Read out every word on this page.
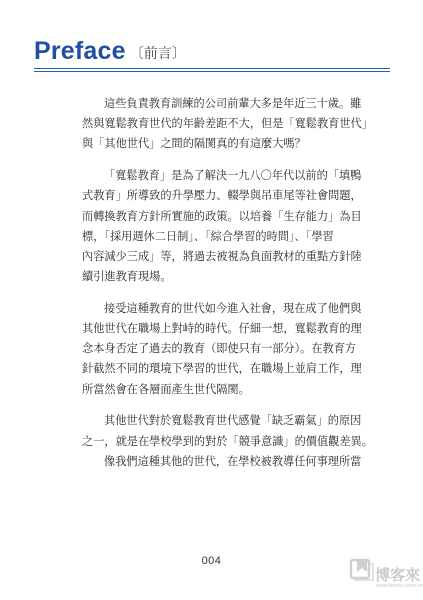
Preface 〔前言〕

這些負責教育訓練的公司前輩大多是年近三十歲。雖
然與寬鬆教育世代的年齡差距不大，但是「寬鬆教育世代」
與「其他世代」之間的隔閡真的有這麼大嗎？

「寬鬆教育」是為了解決一九八〇年代以前的「填鴨
式教育」所導致的升學壓力、輟學與吊車尾等社會問題，
而轉換教育方針所實施的政策。以培養「生存能力」為目
標，「採用週休二日制」、「綜合學習的時間」、「學習
內容減少三成」等，將過去被視為負面教材的重點方針陸
續引進教育現場。

接受這種教育的世代如今進入社會，現在成了他們與
其他世代在職場上對峙的時代。仔細一想，寬鬆教育的理
念本身否定了過去的教育（即使只有一部分）。在教育方
針截然不同的環境下學習的世代，在職場上並肩工作，理
所當然會在各層面產生世代隔閡。

其他世代對於寬鬆教育世代感覺「缺乏霸氣」的原因
之一，就是在學校學到的對於「競爭意識」的價值觀差異。
像我們這種其他的世代，在學校被教導任何事理所當

004
博客來
www.books.com.tw
